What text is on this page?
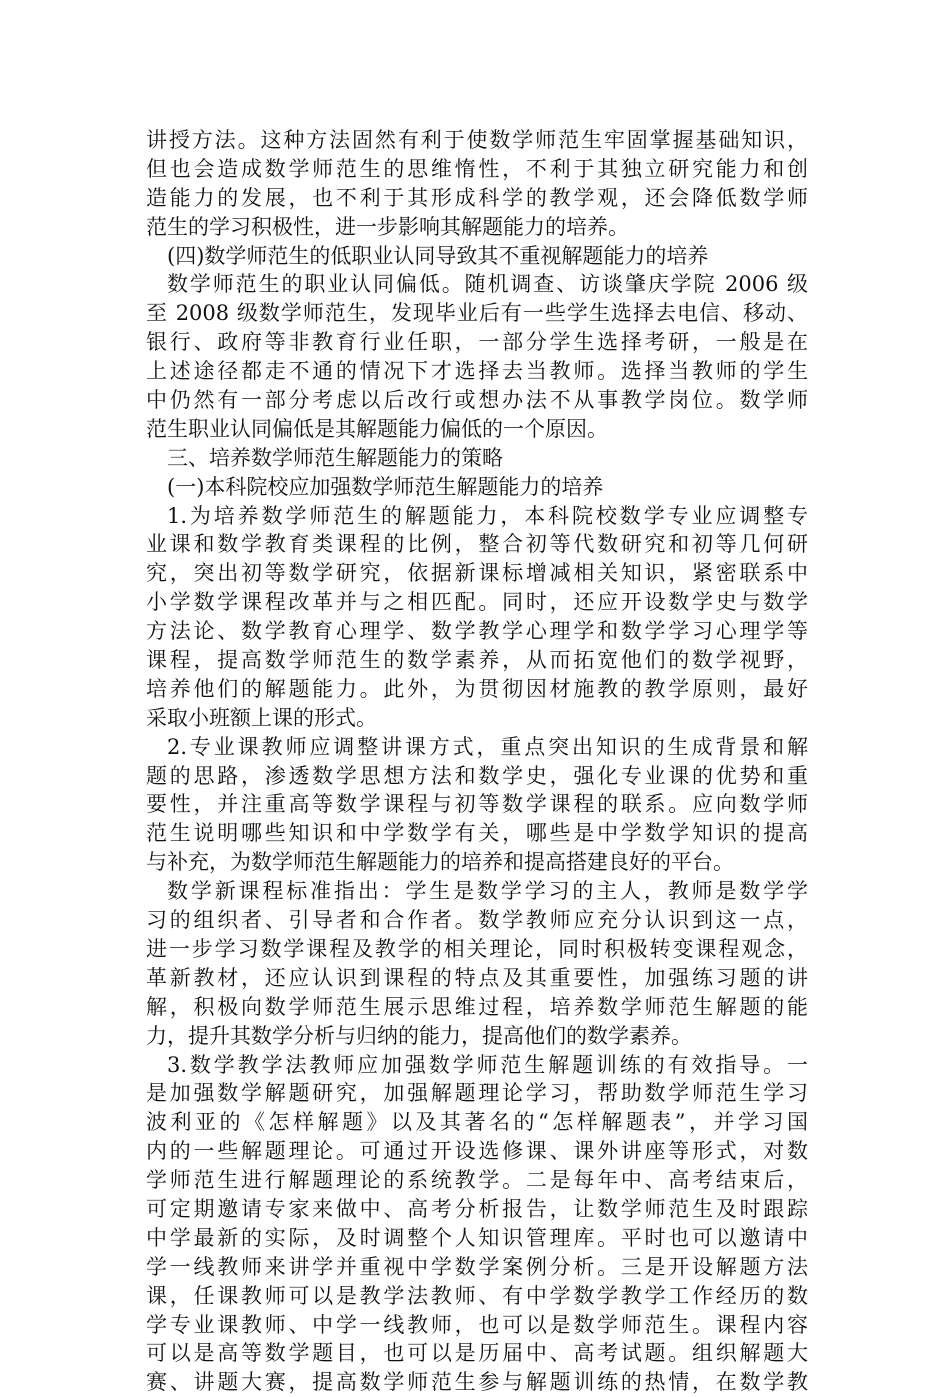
讲授方法。这种方法固然有利于使数学师范生牢固掌握基础知识，
但也会造成数学师范生的思维惰性，不利于其独立研究能力和创
造能力的发展，也不利于其形成科学的教学观，还会降低数学师
范生的学习积极性，进一步影响其解题能力的培养。
(四)数学师范生的低职业认同导致其不重视解题能力的培养
数学师范生的职业认同偏低。随机调查、访谈肇庆学院 2006 级
至 2008 级数学师范生，发现毕业后有一些学生选择去电信、移动、
银行、政府等非教育行业任职，一部分学生选择考研，一般是在
上述途径都走不通的情况下才选择去当教师。选择当教师的学生
中仍然有一部分考虑以后改行或想办法不从事教学岗位。数学师
范生职业认同偏低是其解题能力偏低的一个原因。
三、培养数学师范生解题能力的策略
(一)本科院校应加强数学师范生解题能力的培养
1.为培养数学师范生的解题能力，本科院校数学专业应调整专
业课和数学教育类课程的比例，整合初等代数研究和初等几何研
究，突出初等数学研究，依据新课标增减相关知识，紧密联系中
小学数学课程改革并与之相匹配。同时，还应开设数学史与数学
方法论、数学教育心理学、数学教学心理学和数学学习心理学等
课程，提高数学师范生的数学素养，从而拓宽他们的数学视野，
培养他们的解题能力。此外，为贯彻因材施教的教学原则，最好
采取小班额上课的形式。
2.专业课教师应调整讲课方式，重点突出知识的生成背景和解
题的思路，渗透数学思想方法和数学史，强化专业课的优势和重
要性，并注重高等数学课程与初等数学课程的联系。应向数学师
范生说明哪些知识和中学数学有关，哪些是中学数学知识的提高
与补充，为数学师范生解题能力的培养和提高搭建良好的平台。
数学新课程标准指出：学生是数学学习的主人，教师是数学学
习的组织者、引导者和合作者。数学教师应充分认识到这一点，
进一步学习数学课程及教学的相关理论，同时积极转变课程观念，
革新教材，还应认识到课程的特点及其重要性，加强练习题的讲
解，积极向数学师范生展示思维过程，培养数学师范生解题的能
力，提升其数学分析与归纳的能力，提高他们的数学素养。
3.数学教学法教师应加强数学师范生解题训练的有效指导。一
是加强数学解题研究，加强解题理论学习，帮助数学师范生学习
波利亚的《怎样解题》以及其著名的“怎样解题表”，并学习国
内的一些解题理论。可通过开设选修课、课外讲座等形式，对数
学师范生进行解题理论的系统教学。二是每年中、高考结束后，
可定期邀请专家来做中、高考分析报告，让数学师范生及时跟踪
中学最新的实际，及时调整个人知识管理库。平时也可以邀请中
学一线教师来讲学并重视中学数学案例分析。三是开设解题方法
课，任课教师可以是教学法教师、有中学数学教学工作经历的数
学专业课教师、中学一线教师，也可以是数学师范生。课程内容
可以是高等数学题目，也可以是历届中、高考试题。组织解题大
赛、讲题大赛，提高数学师范生参与解题训练的热情，在数学教
